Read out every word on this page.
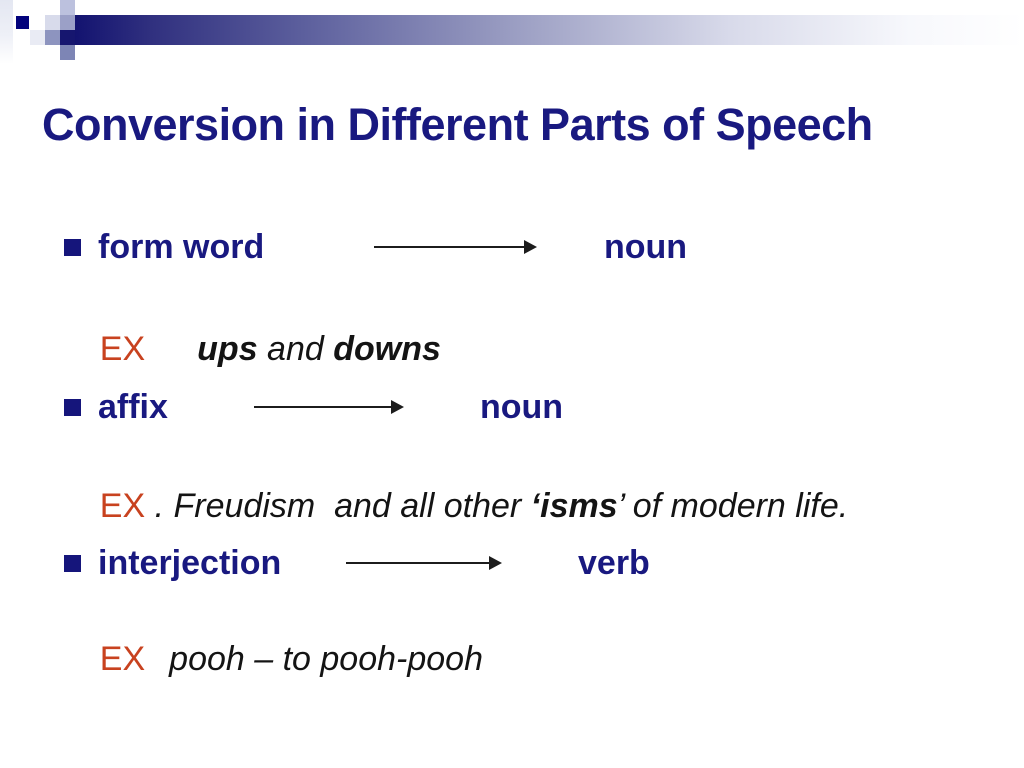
Conversion in Different Parts of Speech
form word	noun

EX ups and downs

affix	noun

EX . Freudism  and all other ‘isms’ of modern life.

interjection	verb

EX pooh – to pooh-pooh
